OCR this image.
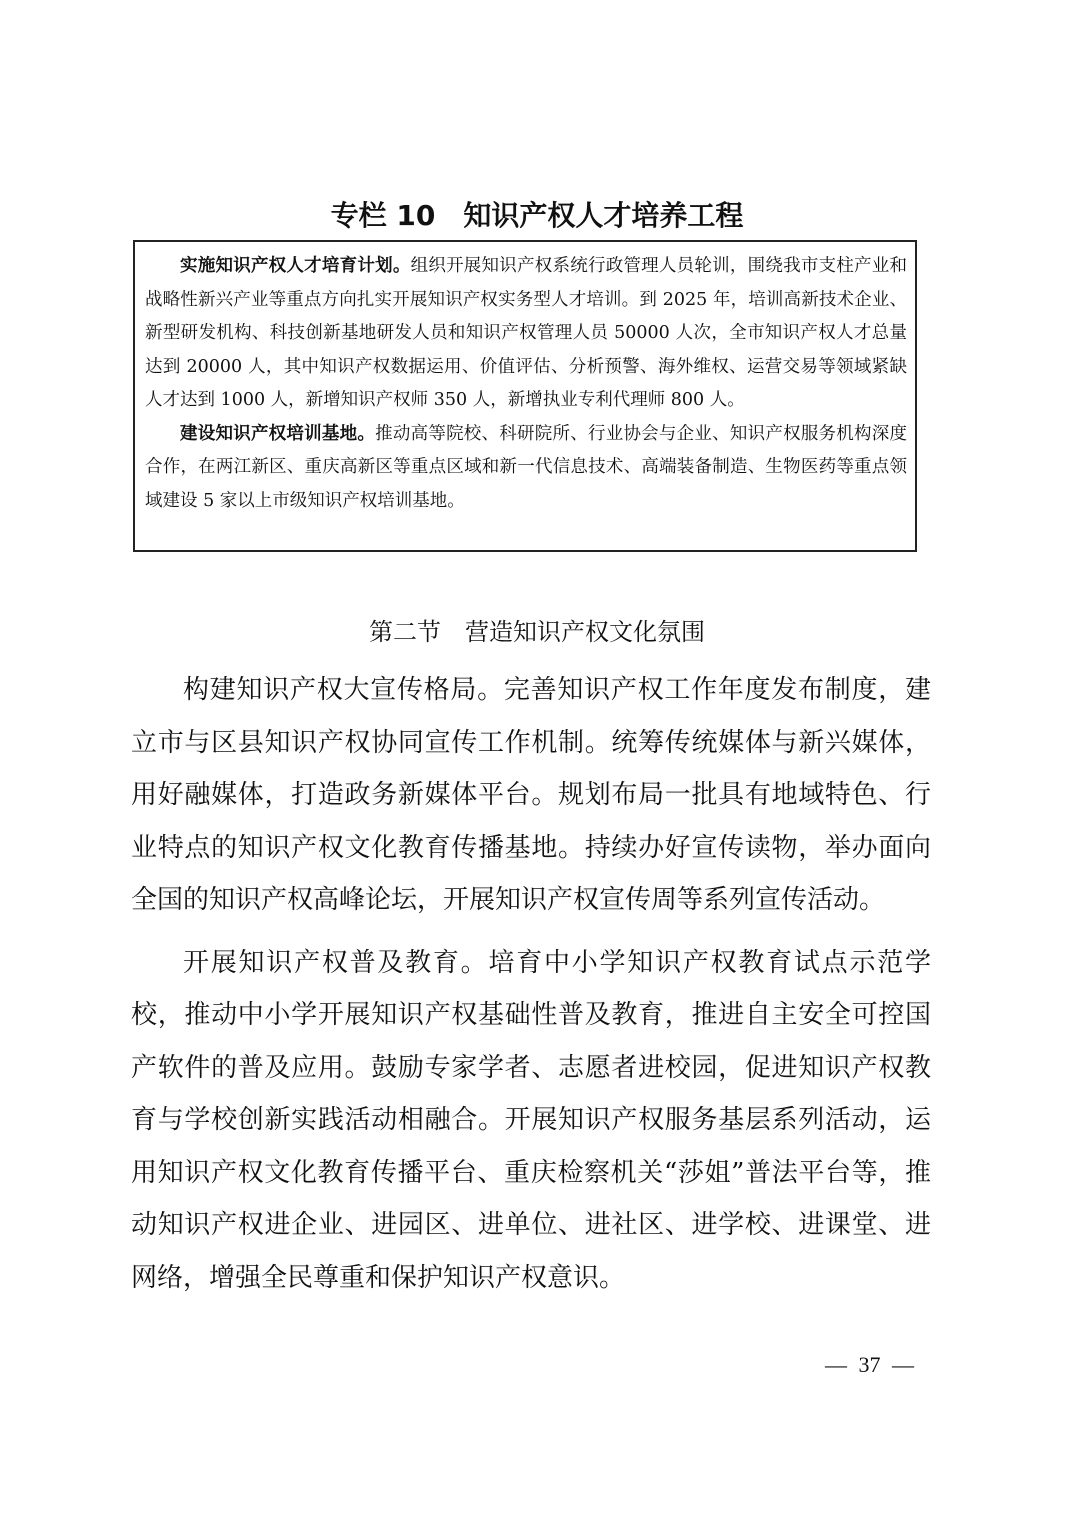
专栏 10　知识产权人才培养工程

实施知识产权人才培育计划。组织开展知识产权系统行政管理人员轮训，围绕我市支柱产业和战略性新兴产业等重点方向扎实开展知识产权实务型人才培训。到 2025 年，培训高新技术企业、新型研发机构、科技创新基地研发人员和知识产权管理人员 50000 人次，全市知识产权人才总量达到 20000 人，其中知识产权数据运用、价值评估、分析预警、海外维权、运营交易等领域紧缺人才达到 1000 人，新增知识产权师 350 人，新增执业专利代理师 800 人。

建设知识产权培训基地。推动高等院校、科研院所、行业协会与企业、知识产权服务机构深度合作，在两江新区、重庆高新区等重点区域和新一代信息技术、高端装备制造、生物医药等重点领域建设 5 家以上市级知识产权培训基地。

第二节　营造知识产权文化氛围

构建知识产权大宣传格局。完善知识产权工作年度发布制度，建立市与区县知识产权协同宣传工作机制。统筹传统媒体与新兴媒体，用好融媒体，打造政务新媒体平台。规划布局一批具有地域特色、行业特点的知识产权文化教育传播基地。持续办好宣传读物，举办面向全国的知识产权高峰论坛，开展知识产权宣传周等系列宣传活动。

开展知识产权普及教育。培育中小学知识产权教育试点示范学校，推动中小学开展知识产权基础性普及教育，推进自主安全可控国产软件的普及应用。鼓励专家学者、志愿者进校园，促进知识产权教育与学校创新实践活动相融合。开展知识产权服务基层系列活动，运用知识产权文化教育传播平台、重庆检察机关“莎姐”普法平台等，推动知识产权进企业、进园区、进单位、进社区、进学校、进课堂、进网络，增强全民尊重和保护知识产权意识。

— 37 —
